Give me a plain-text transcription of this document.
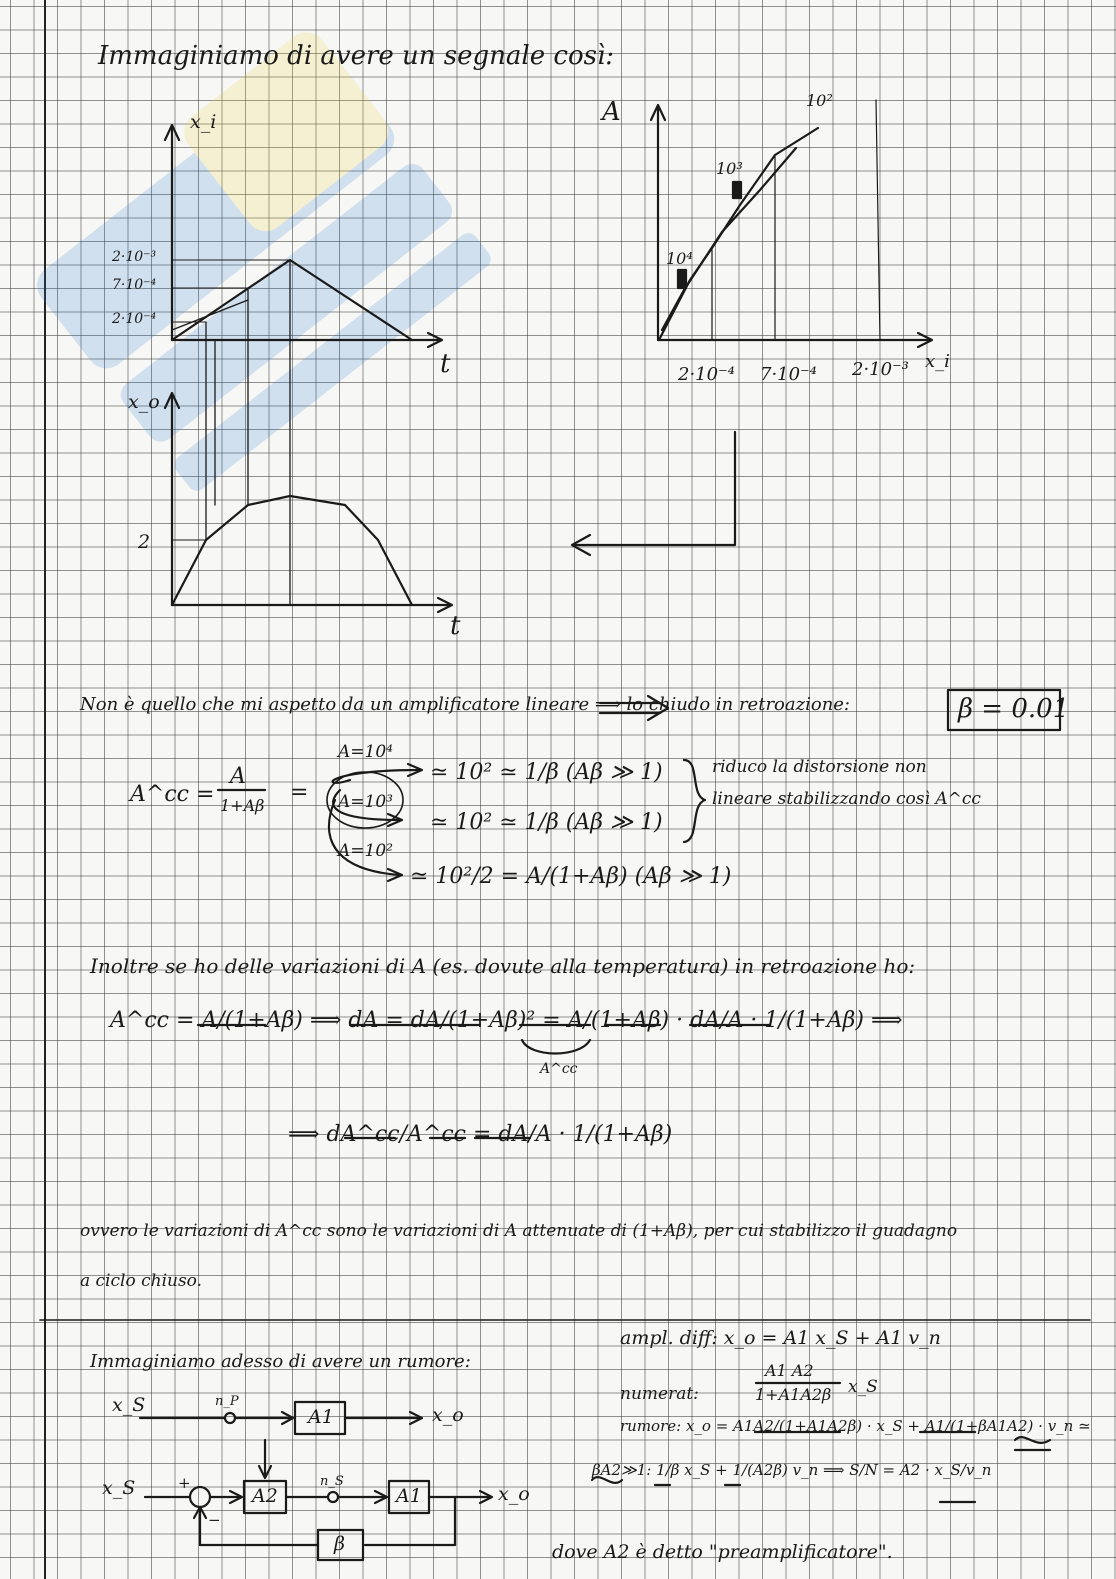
Immaginiamo di avere un segnale così:
x_i
2·10⁻³
7·10⁻⁴
2·10⁻⁴
t
A
10⁴
10³
10²
2·10⁻⁴ 7·10⁻⁴ 2·10⁻³ x_i
x_o
2
t
Non è quello che mi aspetto da un amplificatore lineare ⟹ lo chiudo in retroazione:	β = 0.01
A^cc =
A
1+Aβ
=
A=10⁴
A=10³
A=10²
≃ 10² ≃ 1/β (Aβ ≫ 1)
≃ 10² ≃ 1/β (Aβ ≫ 1)
≃ 10²/2 = A/(1+Aβ) (Aβ ≫ 1)
riduco la distorsione non
lineare stabilizzando così A^cc
Inoltre se ho delle variazioni di A (es. dovute alla temperatura) in retroazione ho:
A^cc = A/(1+Aβ) ⟹ dA = dA/(1+Aβ)² = A/(1+Aβ) · dA/A · 1/(1+Aβ) ⟹
A^cc
⟹ dA^cc/A^cc = dA/A · 1/(1+Aβ)
ovvero le variazioni di A^cc sono le variazioni di A attenuate di (1+Aβ), per cui stabilizzo il guadagno
a ciclo chiuso.
Immaginiamo adesso di avere un rumore:
x_S	n_P
A1	x_o
x_S	+
−
n_S
A2	A1
β
x_o
ampl. diff: x_o = A1 x_S + A1 v_n
numerat:
A1 A2
1+A1A2β x_S
rumore: x_o = A1A2/(1+A1A2β) · x_S + A1/(1+βA1A2) · v_n ≃
βA2≫1: 1/β x_S + 1/(A2β) v_n ⟹ S/N = A2 · x_S/v_n
dove A2 è detto "preamplificatore".
